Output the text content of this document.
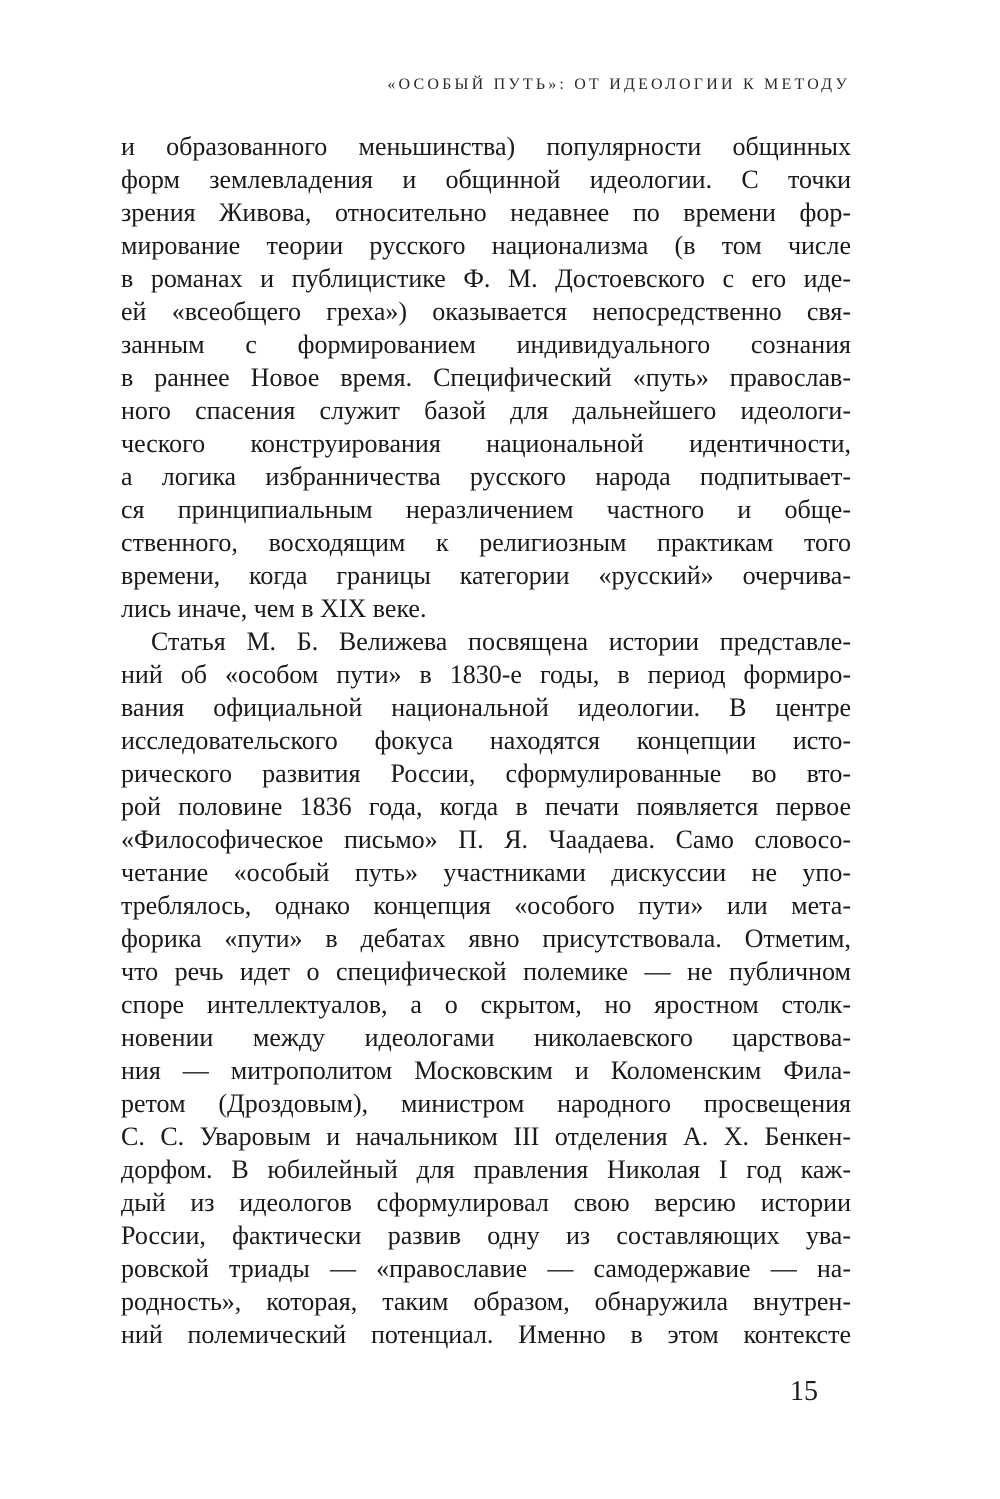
«ОСОБЫЙ ПУТЬ»: ОТ ИДЕОЛОГИИ К МЕТОДУ
и образованного меньшинства) популярности общинных
форм землевладения и общинной идеологии. С точки
зрения Живова, относительно недавнее по времени фор-
мирование теории русского национализма (в том числе
в романах и публицистике Ф. М. Достоевского с его иде-
ей «всеобщего греха») оказывается непосредственно свя-
занным с формированием индивидуального сознания
в раннее Новое время. Специфический «путь» православ-
ного спасения служит базой для дальнейшего идеологи-
ческого конструирования национальной идентичности,
а логика избранничества русского народа подпитывает-
ся принципиальным неразличением частного и обще-
ственного, восходящим к религиозным практикам того
времени, когда границы категории «русский» очерчива-
лись иначе, чем в XIX веке.
Статья М. Б. Велижева посвящена истории представле-
ний об «особом пути» в 1830-е годы, в период формиро-
вания официальной национальной идеологии. В центре
исследовательского фокуса находятся концепции исто-
рического развития России, сформулированные во вто-
рой половине 1836 года, когда в печати появляется первое
«Философическое письмо» П. Я. Чаадаева. Само словосо-
четание «особый путь» участниками дискуссии не упо-
треблялось, однако концепция «особого пути» или мета-
форика «пути» в дебатах явно присутствовала. Отметим,
что речь идет о специфической полемике — не публичном
споре интеллектуалов, а о скрытом, но яростном столк-
новении между идеологами николаевского царствова-
ния — митрополитом Московским и Коломенским Фила-
ретом (Дроздовым), министром народного просвещения
С. С. Уваровым и начальником III отделения А. Х. Бенкен-
дорфом. В юбилейный для правления Николая I год каж-
дый из идеологов сформулировал свою версию истории
России, фактически развив одну из составляющих ува-
ровской триады — «православие — самодержавие — на-
родность», которая, таким образом, обнаружила внутрен-
ний полемический потенциал. Именно в этом контексте
15
